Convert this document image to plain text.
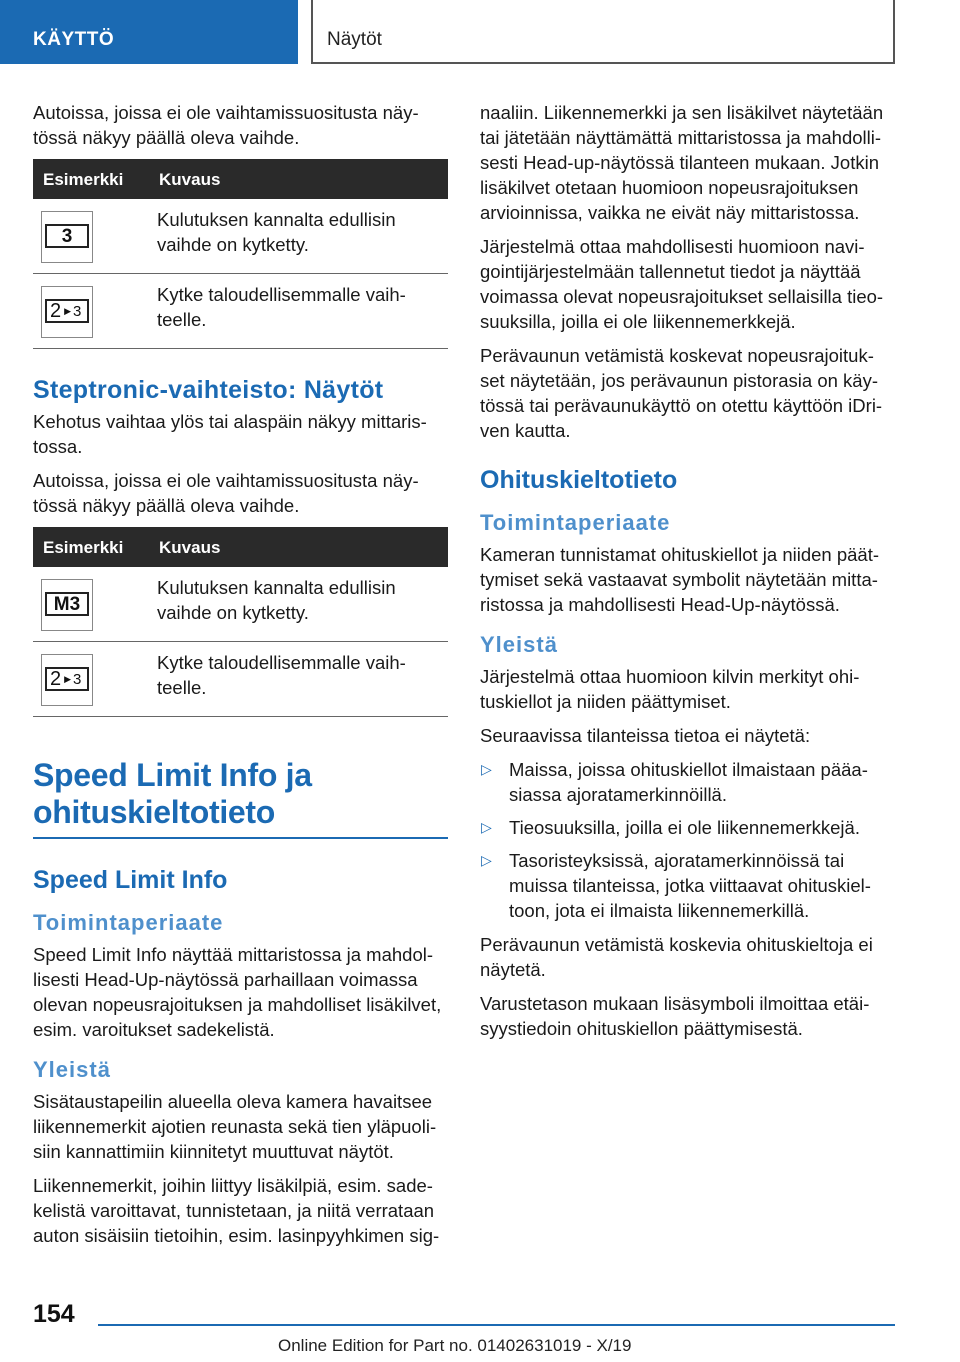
KÄYTTÖ	Näytöt

Autoissa, joissa ei ole vaihtamissuositusta näy-tössä näkyy päällä oleva vaihde.

Esimerkki	Kuvaus

3	Kulutuksen kannalta edullisin vaihde on kytketty.

2 ▶ 3	Kytke taloudellisemmalle vaih-teelle.
Steptronic-vaihteisto: Näytöt

Kehotus vaihtaa ylös tai alaspäin näkyy mittaris-tossa.

Autoissa, joissa ei ole vaihtamissuositusta näy-tössä näkyy päällä oleva vaihde.

Esimerkki	Kuvaus

M3	Kulutuksen kannalta edullisin vaihde on kytketty.

2 ▶ 3	Kytke taloudellisemmalle vaih-teelle.
Speed Limit Info ja ohituskieltotieto
Speed Limit Info
Toimintaperiaate

Speed Limit Info näyttää mittaristossa ja mahdol-lisesti Head-Up-näytössä parhaillaan voimassa olevan nopeusrajoituksen ja mahdolliset lisäkilvet, esim. varoitukset sadekelistä.

Yleistä

Sisätaustapeilin alueella oleva kamera havaitsee liikennemerkit ajotien reunasta sekä tien yläpuoli-siin kannattimiin kiinnitetyt muuttuvat näytöt.

Liikennemerkit, joihin liittyy lisäkilpiä, esim. sade-kelistä varoittavat, tunnistetaan, ja niitä verrataan auton sisäisiin tietoihin, esim. lasinpyyhkimen sig-

naaliin. Liikennemerkki ja sen lisäkilvet näytetään tai jätetään näyttämättä mittaristossa ja mahdolli-sesti Head-up-näytössä tilanteen mukaan. Jotkin lisäkilvet otetaan huomioon nopeusrajoituksen arvioinnissa, vaikka ne eivät näy mittaristossa.

Järjestelmä ottaa mahdollisesti huomioon navi-gointijärjestelmään tallennetut tiedot ja näyttää voimassa olevat nopeusrajoitukset sellaisilla tieo-suuksilla, joilla ei ole liikennemerkkejä.

Perävaunun vetämistä koskevat nopeusrajoituk-set näytetään, jos perävaunun pistorasia on käy-tössä tai perävaunukäyttö on otettu käyttöön iDri-ven kautta.

Ohituskieltotieto
Toimintaperiaate

Kameran tunnistamat ohituskiellot ja niiden päät-tymiset sekä vastaavat symbolit näytetään mitta-ristossa ja mahdollisesti Head-Up-näytössä.

Yleistä

Järjestelmä ottaa huomioon kilvin merkityt ohi-tuskiellot ja niiden päättymiset.

Seuraavissa tilanteissa tietoa ei näytetä:

▷ Maissa, joissa ohituskiellot ilmaistaan pääa-siassa ajoratamerkinnöillä.
▷ Tieosuuksilla, joilla ei ole liikennemerkkejä.
▷ Tasoristeyksissä, ajoratamerkinnöissä tai muissa tilanteissa, jotka viittaavat ohituskiel-toon, jota ei ilmaista liikennemerkillä.

Perävaunun vetämistä koskevia ohituskieltoja ei näytetä.

Varustetason mukaan lisäsymboli ilmoittaa etäi-syystiedoin ohituskiellon päättymisestä.

154
Online Edition for Part no. 01402631019 - X/19
